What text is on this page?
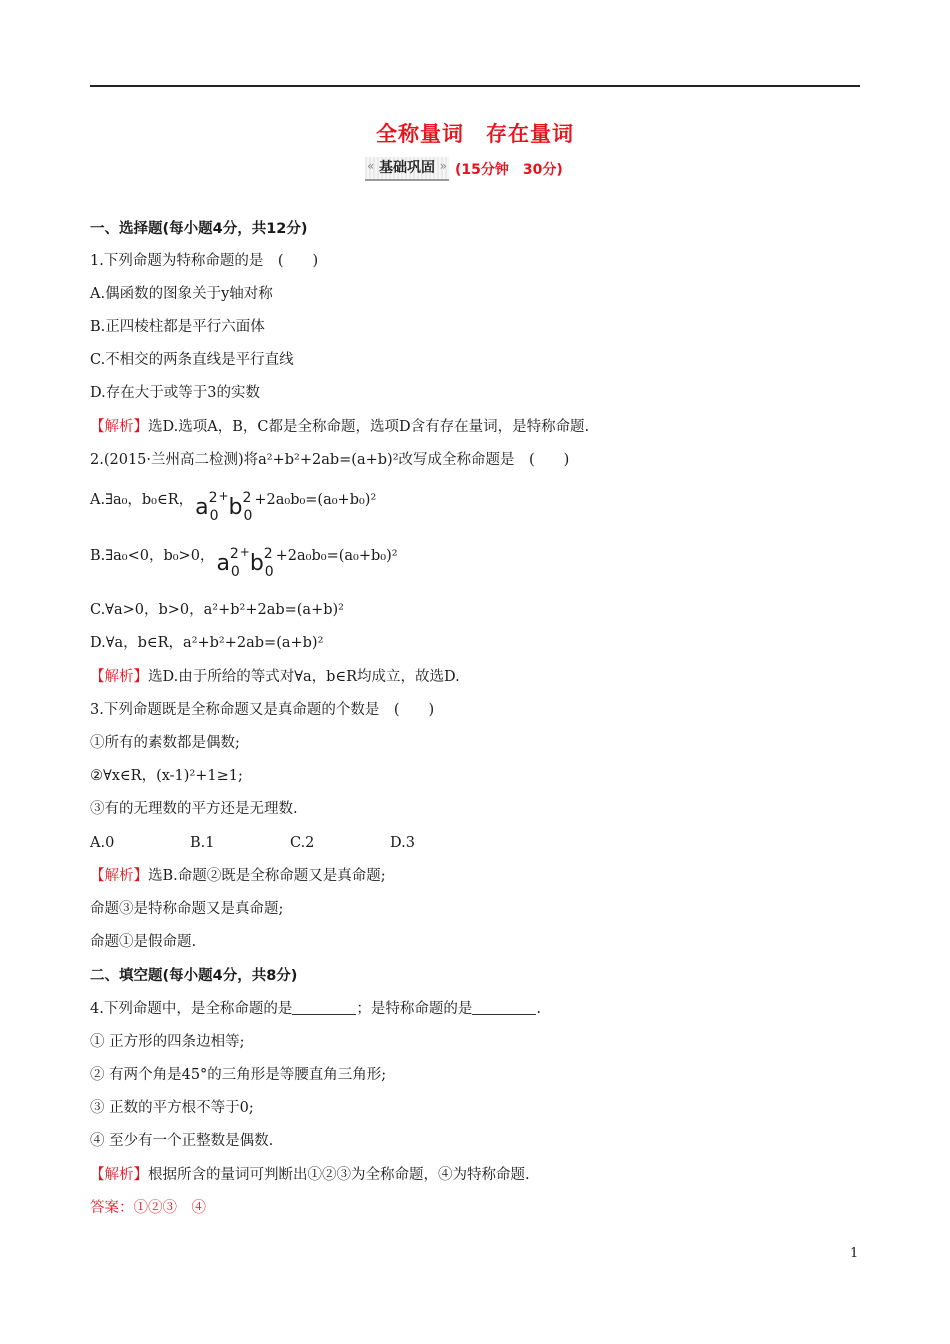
全称量词 存在量词
« 基础巩固 » (15分钟 30分)
一、选择题(每小题4分，共12分)
1.下列命题为特称命题的是　(　　)
A.偶函数的图象关于y轴对称
B.正四棱柱都是平行六面体
C.不相交的两条直线是平行直线
D.存在大于或等于3的实数
【解析】选D.选项A，B，C都是全称命题，选项D含有存在量词，是特称命题.
2.(2015·兰州高二检测)将a²+b²+2ab=(a+b)²改写成全称命题是　(　　)
A.∃a₀，b₀∈R，$a^2_0^+b^2_0+2a_0b_0=(a_0+b_0)^2$
B.∃a₀<0，b₀>0，$a^2_0^+b^2_0+2a_0b_0=(a_0+b_0)^2$
C.∀a>0，b>0，a²+b²+2ab=(a+b)²
D.∀a，b∈R，a²+b²+2ab=(a+b)²
【解析】选D.由于所给的等式对∀a，b∈R均成立，故选D.
3.下列命题既是全称命题又是真命题的个数是　(　　)
①所有的素数都是偶数;
②∀x∈R，(x-1)²+1≥1;
③有的无理数的平方还是无理数.
A.0	B.1	C.2	D.3
【解析】选B.命题②既是全称命题又是真命题;
命题③是特称命题又是真命题;
命题①是假命题.
二、填空题(每小题4分，共8分)
4.下列命题中，是全称命题的是	；是特称命题的是	.
① 正方形的四条边相等;
② 有两个角是45°的三角形是等腰直角三角形;
③ 正数的平方根不等于0;
④ 至少有一个正整数是偶数.
【解析】根据所含的量词可判断出①②③为全称命题，④为特称命题.
答案：①②③　④
1
